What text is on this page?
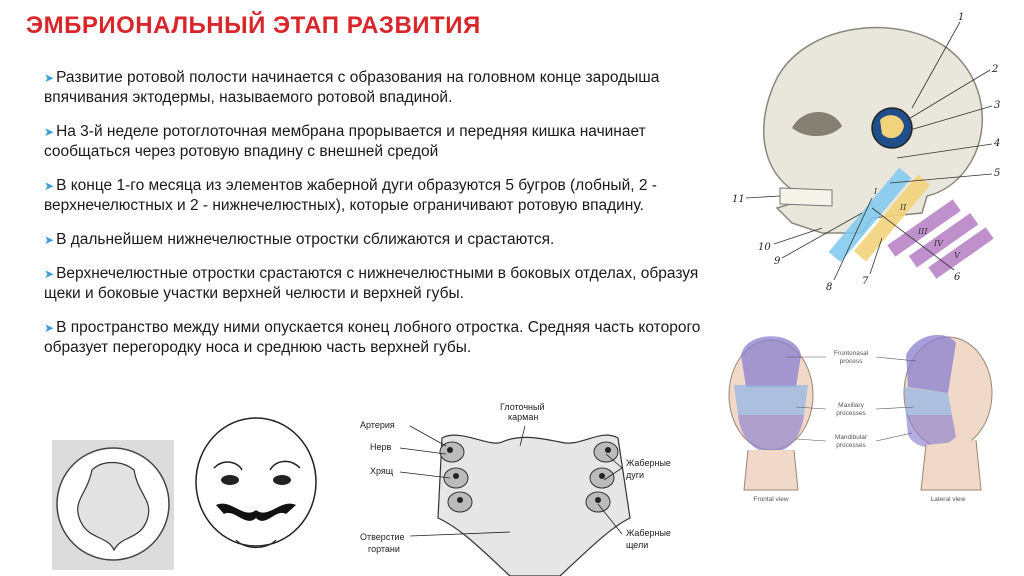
ЭМБРИОНАЛЬНЫЙ ЭТАП РАЗВИТИЯ
➤ Развитие ротовой полости начинается с образования на головном конце зародыша впячивания эктодермы, называемого ротовой впадиной.
➤ На 3-й неделе ротоглоточная мембрана прорывается и передняя кишка начинает сообщаться через ротовую впадину с внешней средой
➤ В конце 1-го месяца из элементов жаберной дуги образуются 5 бугров (лобный, 2 - верхнечелюстных и 2 - нижнечелюстных), которые ограничивают ротовую впадину.
➤ В дальнейшем нижнечелюстные отростки сближаются и срастаются.
➤ Верхнечелюстные отростки срастаются с нижнечелюстными в боковых отделах, образуя щеки и боковые участки верхней челюсти и верхней губы.
➤ В пространство между ними опускается конец лобного отростка. Средняя часть которого образует перегородку носа и среднюю часть верхней губы.
1
2
3
4
5
6
7
8
9
10
11
I
II
III
IV
V
Frontonasal
process
Maxillary
processes
Mandibular
processes
Frontal view	Lateral view
Артерия
Нерв
Хрящ
Глоточный
карман
Жаберные
дуги
Отверстие
гортани
Жаберные
щели
